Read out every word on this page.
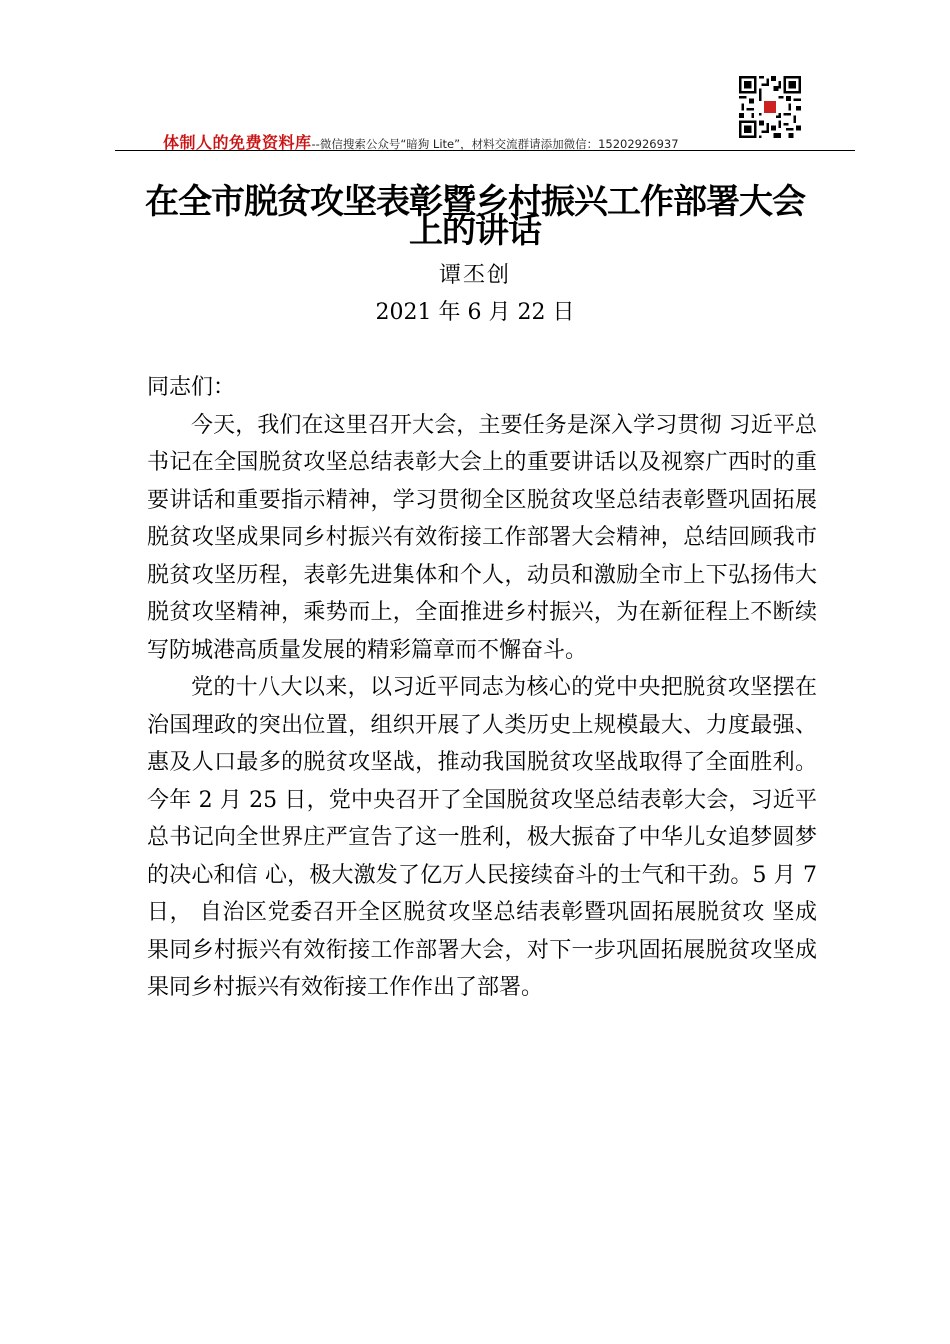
体制人的免费资料库--微信搜索公众号“暗狗 Lite”，材料交流群请添加微信：15202926937
在全市脱贫攻坚表彰暨乡村振兴工作部署大会上的讲话
谭丕创
2021 年 6 月 22 日

同志们：

今天，我们在这里召开大会，主要任务是深入学习贯彻 习近平总书记在全国脱贫攻坚总结表彰大会上的重要讲话以及视察广西时的重要讲话和重要指示精神，学习贯彻全区脱贫攻坚总结表彰暨巩固拓展脱贫攻坚成果同乡村振兴有效衔接工作部署大会精神，总结回顾我市脱贫攻坚历程，表彰先进集体和个人，动员和激励全市上下弘扬伟大脱贫攻坚精神，乘势而上，全面推进乡村振兴，为在新征程上不断续写防城港高质量发展的精彩篇章而不懈奋斗。

党的十八大以来，以习近平同志为核心的党中央把脱贫攻坚摆在治国理政的突出位置，组织开展了人类历史上规模最大、力度最强、惠及人口最多的脱贫攻坚战，推动我国脱贫攻坚战取得了全面胜利。今年 2 月 25 日，党中央召开了全国脱贫攻坚总结表彰大会，习近平总书记向全世界庄严宣告了这一胜利，极大振奋了中华儿女追梦圆梦的决心和信 心，极大激发了亿万人民接续奋斗的士气和干劲。5 月 7 日， 自治区党委召开全区脱贫攻坚总结表彰暨巩固拓展脱贫攻 坚成果同乡村振兴有效衔接工作部署大会，对下一步巩固拓展脱贫攻坚成果同乡村振兴有效衔接工作作出了部署。
